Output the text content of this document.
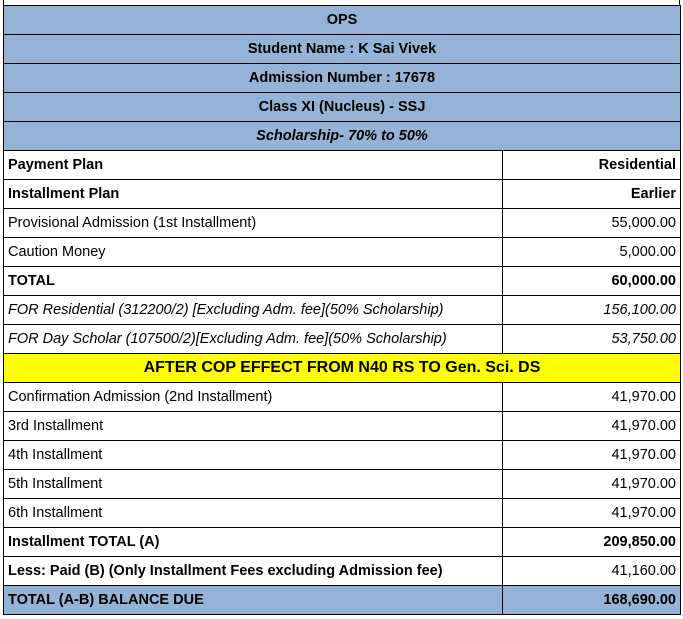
OPS	
Student Name : K Sai Vivek	
Admission Number : 17678	
Class XI (Nucleus) - SSJ	
Scholarship- 70% to 50%	
Payment Plan	Residential
Installment Plan	Earlier
Provisional Admission (1st Installment)	55,000.00
Caution Money	5,000.00
TOTAL	60,000.00
FOR Residential (312200/2) [Excluding Adm. fee](50% Scholarship)	156,100.00
FOR Day Scholar (107500/2)[Excluding Adm. fee](50% Scholarship)	53,750.00
AFTER COP EFFECT FROM N40 RS TO Gen. Sci. DS	
Confirmation Admission (2nd Installment)	41,970.00
3rd Installment	41,970.00
4th Installment	41,970.00
5th Installment	41,970.00
6th Installment	41,970.00
Installment TOTAL (A)	209,850.00
Less: Paid (B) (Only Installment Fees excluding Admission fee)	41,160.00
TOTAL (A-B) BALANCE DUE	168,690.00
